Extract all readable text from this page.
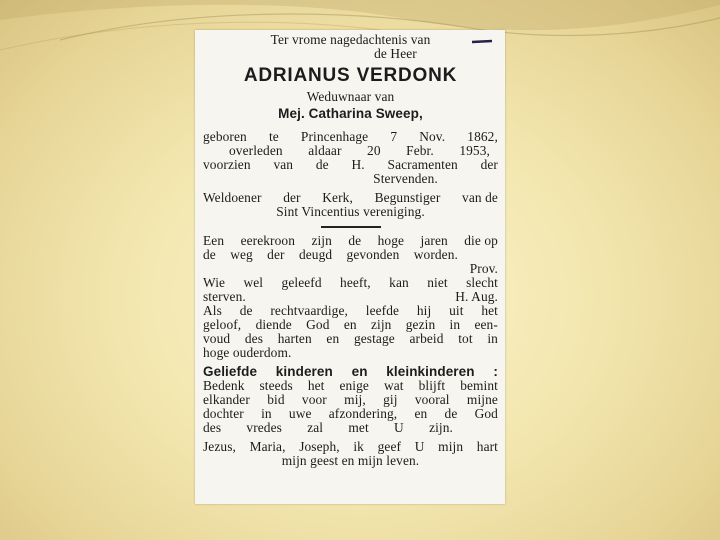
Ter vrome nagedachtenis van
de Heer
ADRIANUS VERDONK
Weduwnaar van
Mej. Catharina Sweep,
geboren te Princenhage 7 Nov. 1862,
overleden aldaar 20 Febr. 1953,
voorzien van de H. Sacramenten der
Stervenden.
Weldoener der Kerk, Begunstiger van de
Sint Vincentius vereniging.
Een eerekroon zijn de hoge jaren die op
de weg der deugd gevonden worden.
Prov.
Wie wel geleefd heeft, kan niet slecht
sterven.	H. Aug.
Als de rechtvaardige, leefde hij uit het
geloof, diende God en zijn gezin in een-
voud des harten en gestage arbeid tot in
hoge ouderdom.
Geliefde kinderen en kleinkinderen :
Bedenk steeds het enige wat blijft bemint
elkander bid voor mij, gij vooral mijne
dochter in uwe afzondering, en de God
des vredes zal met U zijn.
Jezus, Maria, Joseph, ik geef U mijn hart
mijn geest en mijn leven.
